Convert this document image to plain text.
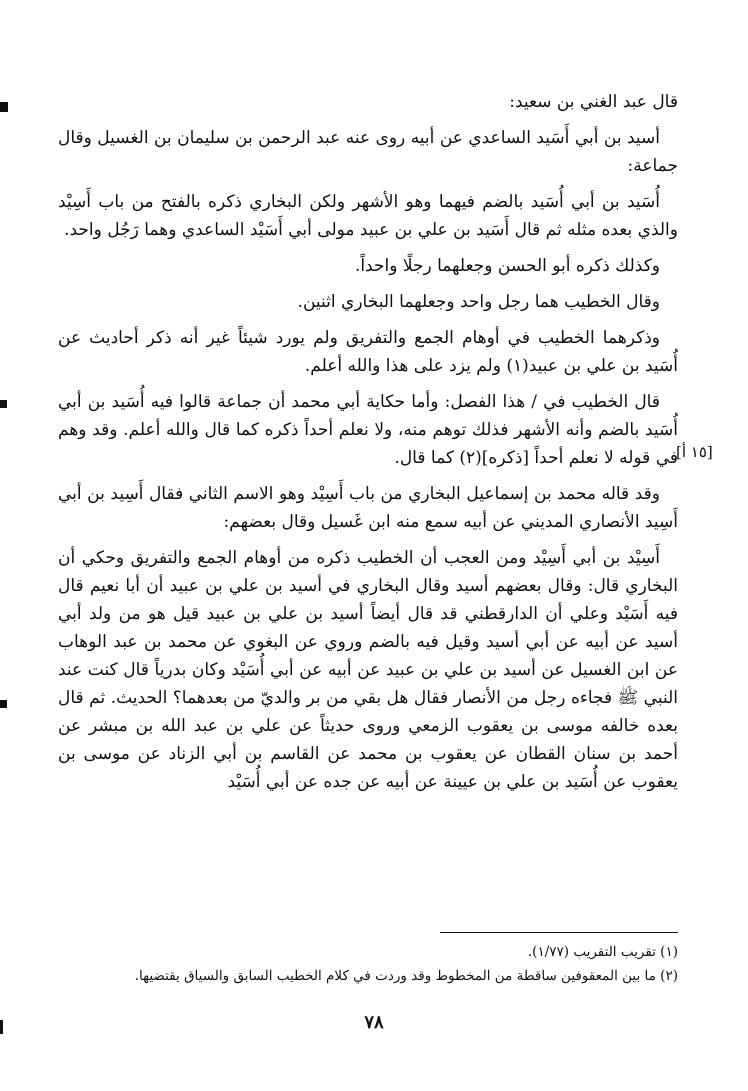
قال عبد الغني بن سعيد:

أسيد بن أبي أَسَيد الساعدي عن أبيه روى عنه عبد الرحمن بن سليمان بن الغسيل وقال جماعة:

أُسَيد بن أبي أُسَيد بالضم فيهما وهو الأشهر ولكن البخاري ذكره بالفتح من باب أَسِيْد والذي بعده مثله ثم قال أَسَيد بن علي بن عبيد مولى أبي أَسَيْد الساعدي وهما رَجُل واحد.

وكذلك ذكره أبو الحسن وجعلهما رجلًا واحداً.

وقال الخطيب هما رجل واحد وجعلهما البخاري اثنين.

وذكرهما الخطيب في أوهام الجمع والتفريق ولم يورد شيئاً غير أنه ذكر أحاديث عن أُسَيد بن علي بن عبيد(١) ولم يزد على هذا والله أعلم.

قال الخطيب في / هذا الفصل: وأما حكاية أبي محمد أن جماعة قالوا فيه أُسَيد بن أبي أُسَيد بالضم وأنه الأشهر فذلك توهم منه، ولا نعلم أحداً ذكره كما قال والله أعلم. وقد وهم في قوله لا نعلم أحداً [ذكره](٢) كما قال.

وقد قاله محمد بن إسماعيل البخاري من باب أَسِيْد وهو الاسم الثاني فقال أَسِيد بن أبي أَسِيد الأنصاري المديني عن أبيه سمع منه ابن غَسيل وقال بعضهم:

أَسِيْد بن أبي أَسِيْد ومن العجب أن الخطيب ذكره من أوهام الجمع والتفريق وحكي أن البخاري قال: وقال بعضهم أسيد وقال البخاري في أسيد بن علي بن عبيد أن أبا نعيم قال فيه أَسَيْد وعلي أن الدارقطني قد قال أيضاً أسيد بن علي بن عبيد قيل هو من ولد أبي أسيد عن أبيه عن أبي أسيد وقيل فيه بالضم وروي عن البغوي عن محمد بن عبد الوهاب عن ابن الغسيل عن أسيد بن علي بن عبيد عن أبيه عن أبي أُسَيْد وكان بدرياً قال كنت عند النبي ﷺ فجاءه رجل من الأنصار فقال هل بقي من بر والديّ من بعدهما؟ الحديث. ثم قال بعده خالفه موسى بن يعقوب الزمعي وروى حديثاً عن علي بن عبد الله بن مبشر عن أحمد بن سنان القطان عن يعقوب بن محمد عن القاسم بن أبي الزناد عن موسى بن يعقوب عن أُسَيد بن علي بن عيينة عن أبيه عن جده عن أبي أُسَيْد

[١٥ أ]
(١) تقريب التقريب (١/٧٧).
(٢) ما بين المعقوفين ساقطة من المخطوط وقد وردت في كلام الخطيب السابق والسياق يقتضيها.
٧٨
